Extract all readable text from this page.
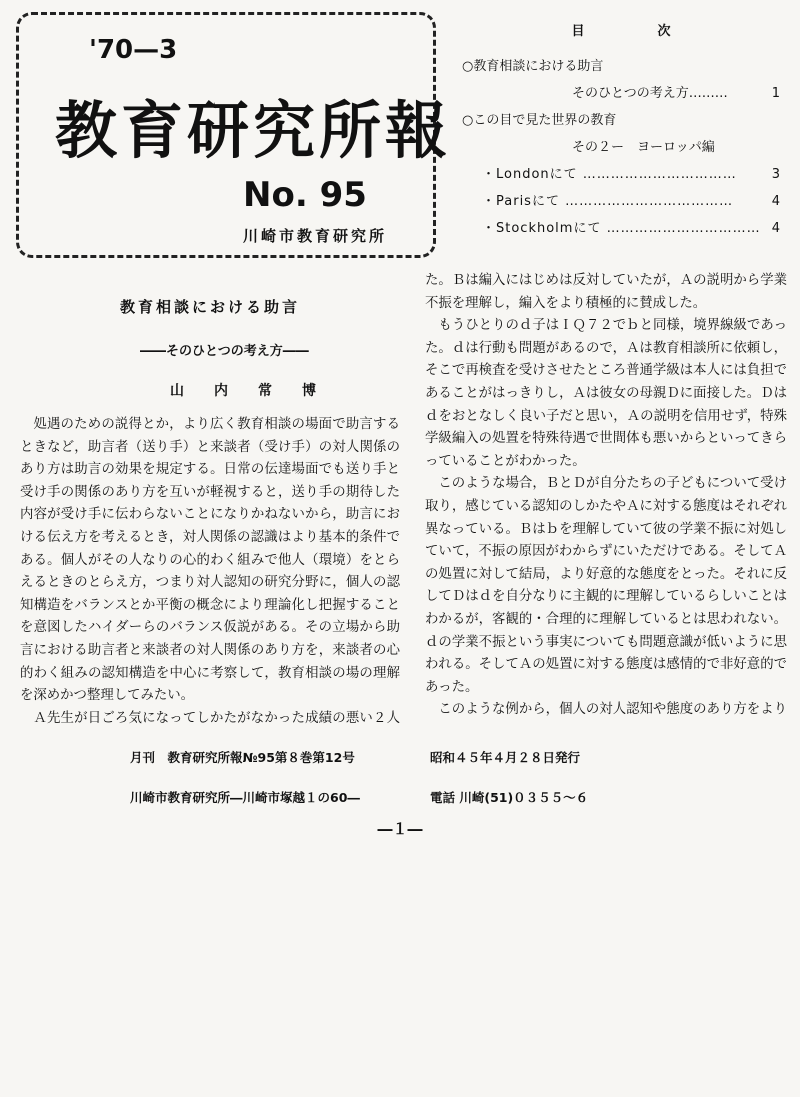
'70—3
教育研究所報
No. 95
川崎市教育研究所
目　次
○教育相談における助言
そのひとつの考え方………	1
○この目で見た世界の教育
その２ー　ヨーロッパ編
・Londonにて ……………………………	3
・Parisにて ………………………………	4
・Stockholmにて …………………………… 4
教育相談における助言
――そのひとつの考え方――
山内常博

処遇のための説得とか，より広く教育相談の場面で助言するときなど，助言者（送り手）と来談者（受け手）の対人関係のあり方は助言の効果を規定する。日常の伝達場面でも送り手と受け手の関係のあり方を互いが軽視すると，送り手の期待した内容が受け手に伝わらないことになりかねないから，助言における伝え方を考えるとき，対人関係の認識はより基本的条件である。個人がその人なりの心的わく組みで他人（環境）をとらえるときのとらえ方，つまり対人認知の研究分野に，個人の認知構造をバランスとか平衡の概念により理論化し把握することを意図したハイダーらのバランス仮説がある。その立場から助言における助言者と来談者の対人関係のあり方を，来談者の心的わく組みの認知構造を中心に考察して，教育相談の場の理解を深めかつ整理してみたい。

Ａ先生が日ごろ気になってしかたがなかった成績の悪い２人

た。Ｂは編入にはじめは反対していたが，Ａの説明から学業不振を理解し，編入をより積極的に賛成した。

もうひとりのｄ子はＩＱ７２でｂと同様，境界線級であった。ｄは行動も問題があるので，Ａは教育相談所に依頼し，そこで再検査を受けさせたところ普通学級は本人には負担であることがはっきりし，Ａは彼女の母親Ｄに面接した。Ｄはｄをおとなしく良い子だと思い，Ａの説明を信用せず，特殊学級編入の処置を特殊待遇で世間体も悪いからといってきらっていることがわかった。

このような場合，ＢとＤが自分たちの子どもについて受け取り，感じている認知のしかたやＡに対する態度はそれぞれ異なっている。Ｂはｂを理解していて彼の学業不振に対処していて，不振の原因がわからずにいただけである。そしてＡの処置に対して結局，より好意的な態度をとった。それに反してＤはｄを自分なりに主観的に理解しているらしいことはわかるが，客観的・合理的に理解しているとは思われない。ｄの学業不振という事実についても問題意識が低いように思われる。そしてＡの処置に対する態度は感情的で非好意的であった。

このような例から，個人の対人認知や態度のあり方をより

月刊　教育研究所報№95第８巻第12号	昭和４５年４月２８日発行
川崎市教育研究所―川崎市塚越１の60―	電話 川崎(51)０３５５～６
―１―
